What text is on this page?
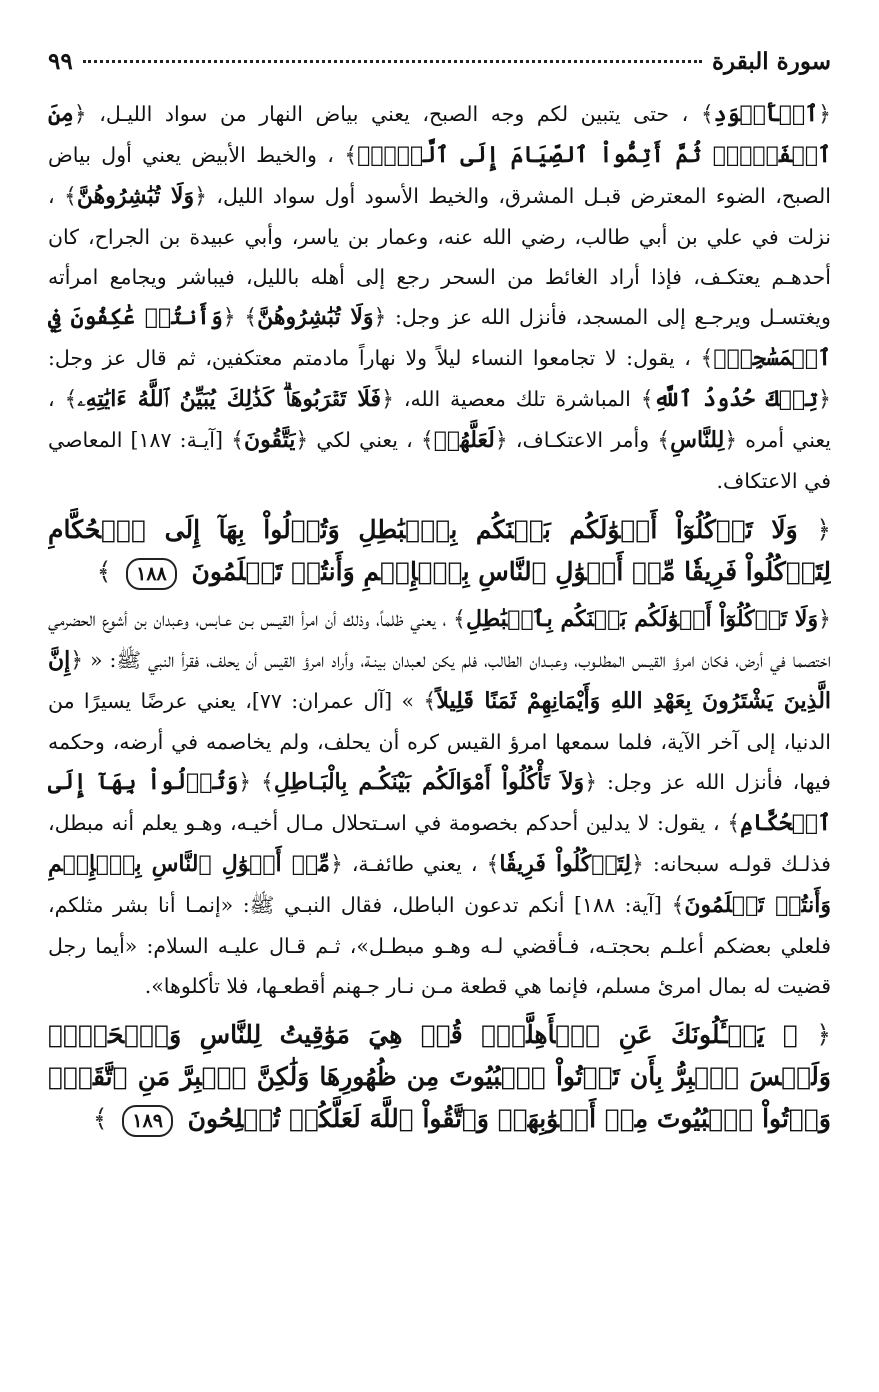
سورة البقرة
٩٩

﴿ٱلۡأَسۡوَدِ﴾ ، حتى يتبين لكم وجه الصبح، يعني بياض النهار من سواد الليـل، ﴿مِنَ ٱلۡفَجۡرِۖ ثُمَّ أَتِمُّواْ ٱلصِّيَامَ إِلَى ٱلَّيۡلِۚ﴾ ، والخيط الأبيض يعني أول بياض الصبح، الضوء المعترض قبـل المشرق، والخيط الأسود أول سواد الليل، ﴿وَلَا تُبَٰشِرُوهُنَّ﴾ ، نزلت في علي بن أبي طالب، رضي الله عنه، وعمار بن ياسر، وأبي عبيدة بن الجراح، كان أحدهـم يعتكـف، فإذا أراد الغائط من السحر رجع إلى أهله بالليل، فيباشر ويجامع امرأته ويغتسـل ويرجـع إلى المسجد، فأنزل الله عز وجل: ﴿وَلَا تُبَٰشِرُوهُنَّ﴾ ﴿وَأَنتُمۡ عَٰكِفُونَ فِي ٱلۡمَسَٰجِدِۗ﴾ ، يقول: لا تجامعوا النساء ليلاً ولا نهاراً مادمتم معتكفين، ثم قال عز وجل: ﴿تِلۡكَ حُدُودُ ٱللَّهِ﴾ المباشرة تلك معصية الله، ﴿فَلَا تَقۡرَبُوهَاۗ كَذَٰلِكَ يُبَيِّنُ ٱللَّهُ ءَايَٰتِهِۦ﴾ ، يعني أمره ﴿لِلنَّاسِ﴾ وأمر الاعتكـاف، ﴿لَعَلَّهُمۡ﴾ ، يعني لكي ﴿يَتَّقُونَ﴾ [آيـة: ١٨٧] المعاصي في الاعتكاف.

﴿ وَلَا تَأۡكُلُوٓاْ أَمۡوَٰلَكُم بَيۡنَكُم بِٱلۡبَٰطِلِ وَتُدۡلُواْ بِهَآ إِلَى ٱلۡحُكَّامِ لِتَأۡكُلُواْ فَرِيقٗا مِّنۡ أَمۡوَٰلِ ٱلنَّاسِ بِٱلۡإِثۡمِ وَأَنتُمۡ تَعۡلَمُونَ ١٨٨ ﴾

﴿وَلَا تَأۡكُلُوٓاْ أَمۡوَٰلَكُم بَيۡنَكُم بِٱلۡبَٰطِلِ﴾ ، يعني ظلماً، وذلك أن امرأ القيـس بـن عـابس، وعبدان بن أشوع الحضرمي اختصما في أرض، فكان امرؤ القيـس المطلـوب، وعبـدان الطالب، فلم يكن لعبدان بينـة، وأراد امرؤ القيس أن يحلف، فقرأ النبي ﷺ: « ﴿إِنَّ الَّذِينَ يَشْتَرُونَ بِعَهْدِ اللهِ وَأَيْمَانِهِمْ ثَمَنًا قَلِيلاً﴾ » [آل عمران: ٧٧]، يعني عرضًا يسيرًا من الدنيا، إلى آخر الآية، فلما سمعها امرؤ القيس كره أن يحلف، ولم يخاصمه في أرضه، وحكمه فيها، فأنزل الله عز وجل: ﴿وَلاَ تَأْكُلُواْ أَمْوَالَكُم بَيْنَكُـم بِالْبَـاطِلِ﴾ ﴿وَتُدۡلُواْ بِهَآ إِلَى ٱلۡحُكَّامِ﴾ ، يقول: لا يدلين أحدكم بخصومة في اسـتحلال مـال أخيـه، وهـو يعلم أنه مبطل، فذلـك قولـه سبحانه: ﴿لِتَأۡكُلُواْ فَرِيقٗا﴾ ، يعني طائفـة، ﴿مِّنۡ أَمۡوَٰلِ ٱلنَّاسِ بِٱلۡإِثۡمِ وَأَنتُمۡ تَعۡلَمُونَ﴾ [آية: ١٨٨] أنكم تدعون الباطل، فقال النبـي ﷺ: «إنمـا أنا بشر مثلكم، فلعلي بعضكم أعلـم بحجتـه، فـأقضي لـه وهـو مبطـل»، ثـم قـال عليـه السلام: «أيما رجل قضيت له بمال امرئ مسلم، فإنما هي قطعة مـن نـار جـهنم أقطعـها، فلا تأكلوها».

﴿ ۞ يَسۡـَٔلُونَكَ عَنِ ٱلۡأَهِلَّةِۖ قُلۡ هِيَ مَوَٰقِيتُ لِلنَّاسِ وَٱلۡحَجِّۗ وَلَيۡسَ ٱلۡبِرُّ بِأَن تَأۡتُواْ ٱلۡبُيُوتَ مِن ظُهُورِهَا وَلَٰكِنَّ ٱلۡبِرَّ مَنِ ٱتَّقَىٰۗ وَأۡتُواْ ٱلۡبُيُوتَ مِنۡ أَبۡوَٰبِهَاۚ وَٱتَّقُواْ ٱللَّهَ لَعَلَّكُمۡ تُفۡلِحُونَ ١٨٩ ﴾
